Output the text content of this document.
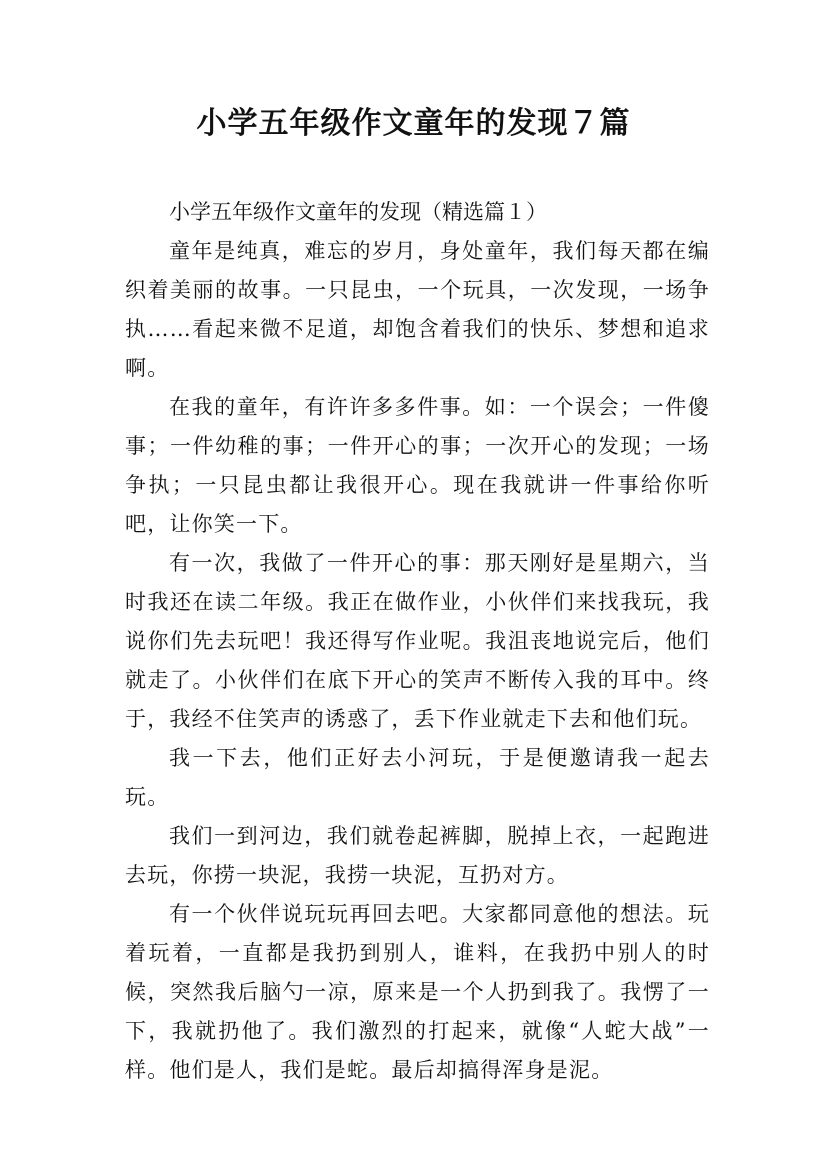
小学五年级作文童年的发现７篇

小学五年级作文童年的发现（精选篇１）

童年是纯真，难忘的岁月，身处童年，我们每天都在编织着美丽的故事。一只昆虫，一个玩具，一次发现，一场争执……看起来微不足道，却饱含着我们的快乐、梦想和追求啊。

在我的童年，有许许多多件事。如：一个误会；一件傻事；一件幼稚的事；一件开心的事；一次开心的发现；一场争执；一只昆虫都让我很开心。现在我就讲一件事给你听吧，让你笑一下。

有一次，我做了一件开心的事：那天刚好是星期六，当时我还在读二年级。我正在做作业，小伙伴们来找我玩，我说你们先去玩吧！我还得写作业呢。我沮丧地说完后，他们就走了。小伙伴们在底下开心的笑声不断传入我的耳中。终于，我经不住笑声的诱惑了，丢下作业就走下去和他们玩。

我一下去，他们正好去小河玩，于是便邀请我一起去玩。

我们一到河边，我们就卷起裤脚，脱掉上衣，一起跑进去玩，你捞一块泥，我捞一块泥，互扔对方。

有一个伙伴说玩玩再回去吧。大家都同意他的想法。玩着玩着，一直都是我扔到别人，谁料，在我扔中别人的时候，突然我后脑勺一凉，原来是一个人扔到我了。我愣了一下，我就扔他了。我们激烈的打起来，就像“人蛇大战”一样。他们是人，我们是蛇。最后却搞得浑身是泥。
